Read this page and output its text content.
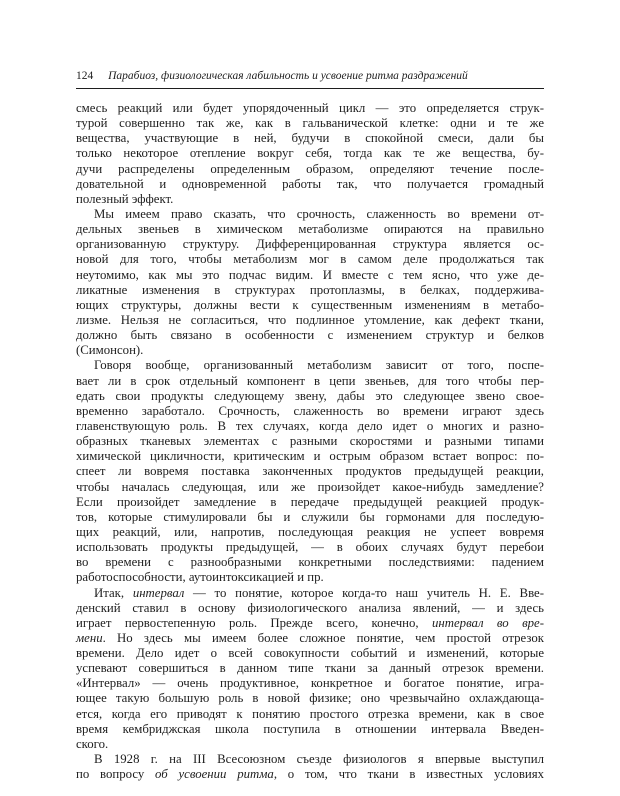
124 Парабиоз, физиологическая лабильность и усвоение ритма раздражений
смесь реакций или будет упорядоченный цикл — это определяется струк-
турой совершенно так же, как в гальванической клетке: одни и те же
вещества, участвующие в ней, будучи в спокойной смеси, дали бы
только некоторое отепление вокруг себя, тогда как те же вещества, бу-
дучи распределены определенным образом, определяют течение после-
довательной и одновременной работы так, что получается громадный
полезный эффект.
Мы имеем право сказать, что срочность, слаженность во времени от-
дельных звеньев в химическом метаболизме опираются на правильно
организованную структуру. Дифференцированная структура является ос-
новой для того, чтобы метаболизм мог в самом деле продолжаться так
неутомимо, как мы это подчас видим. И вместе с тем ясно, что уже де-
ликатные изменения в структурах протоплазмы, в белках, поддержива-
ющих структуры, должны вести к существенным изменениям в метабо-
лизме. Нельзя не согласиться, что подлинное утомление, как дефект ткани,
должно быть связано в особенности с изменением структур и белков
(Симонсон).
Говоря вообще, организованный метаболизм зависит от того, поспе-
вает ли в срок отдельный компонент в цепи звеньев, для того чтобы пер-
едать свои продукты следующему звену, дабы это следующее звено свое-
временно заработало. Срочность, слаженность во времени играют здесь
главенствующую роль. В тех случаях, когда дело идет о многих и разно-
образных тканевых элементах с разными скоростями и разными типами
химической цикличности, критическим и острым образом встает вопрос: по-
спеет ли вовремя поставка законченных продуктов предыдущей реакции,
чтобы началась следующая, или же произойдет какое-нибудь замедление?
Если произойдет замедление в передаче предыдущей реакцией продук-
тов, которые стимулировали бы и служили бы гормонами для последую-
щих реакций, или, напротив, последующая реакция не успеет вовремя
использовать продукты предыдущей, — в обоих случаях будут перебои
во времени с разнообразными конкретными последствиями: падением
работоспособности, аутоинтоксикацией и пр.
Итак, интервал — то понятие, которое когда-то наш учитель Н. Е. Вве-
денский ставил в основу физиологического анализа явлений, — и здесь
играет первостепенную роль. Прежде всего, конечно, интервал во вре-
мени. Но здесь мы имеем более сложное понятие, чем простой отрезок
времени. Дело идет о всей совокупности событий и изменений, которые
успевают совершиться в данном типе ткани за данный отрезок времени.
«Интервал» — очень продуктивное, конкретное и богатое понятие, игра-
ющее такую большую роль в новой физике; оно чрезвычайно охлаждающа-
ется, когда его приводят к понятию простого отрезка времени, как в свое
время кембриджская школа поступила в отношении интервала Введен-
ского.
В 1928 г. на III Всесоюзном съезде физиологов я впервые выступил
по вопросу об усвоении ритма, о том, что ткани в известных условиях
